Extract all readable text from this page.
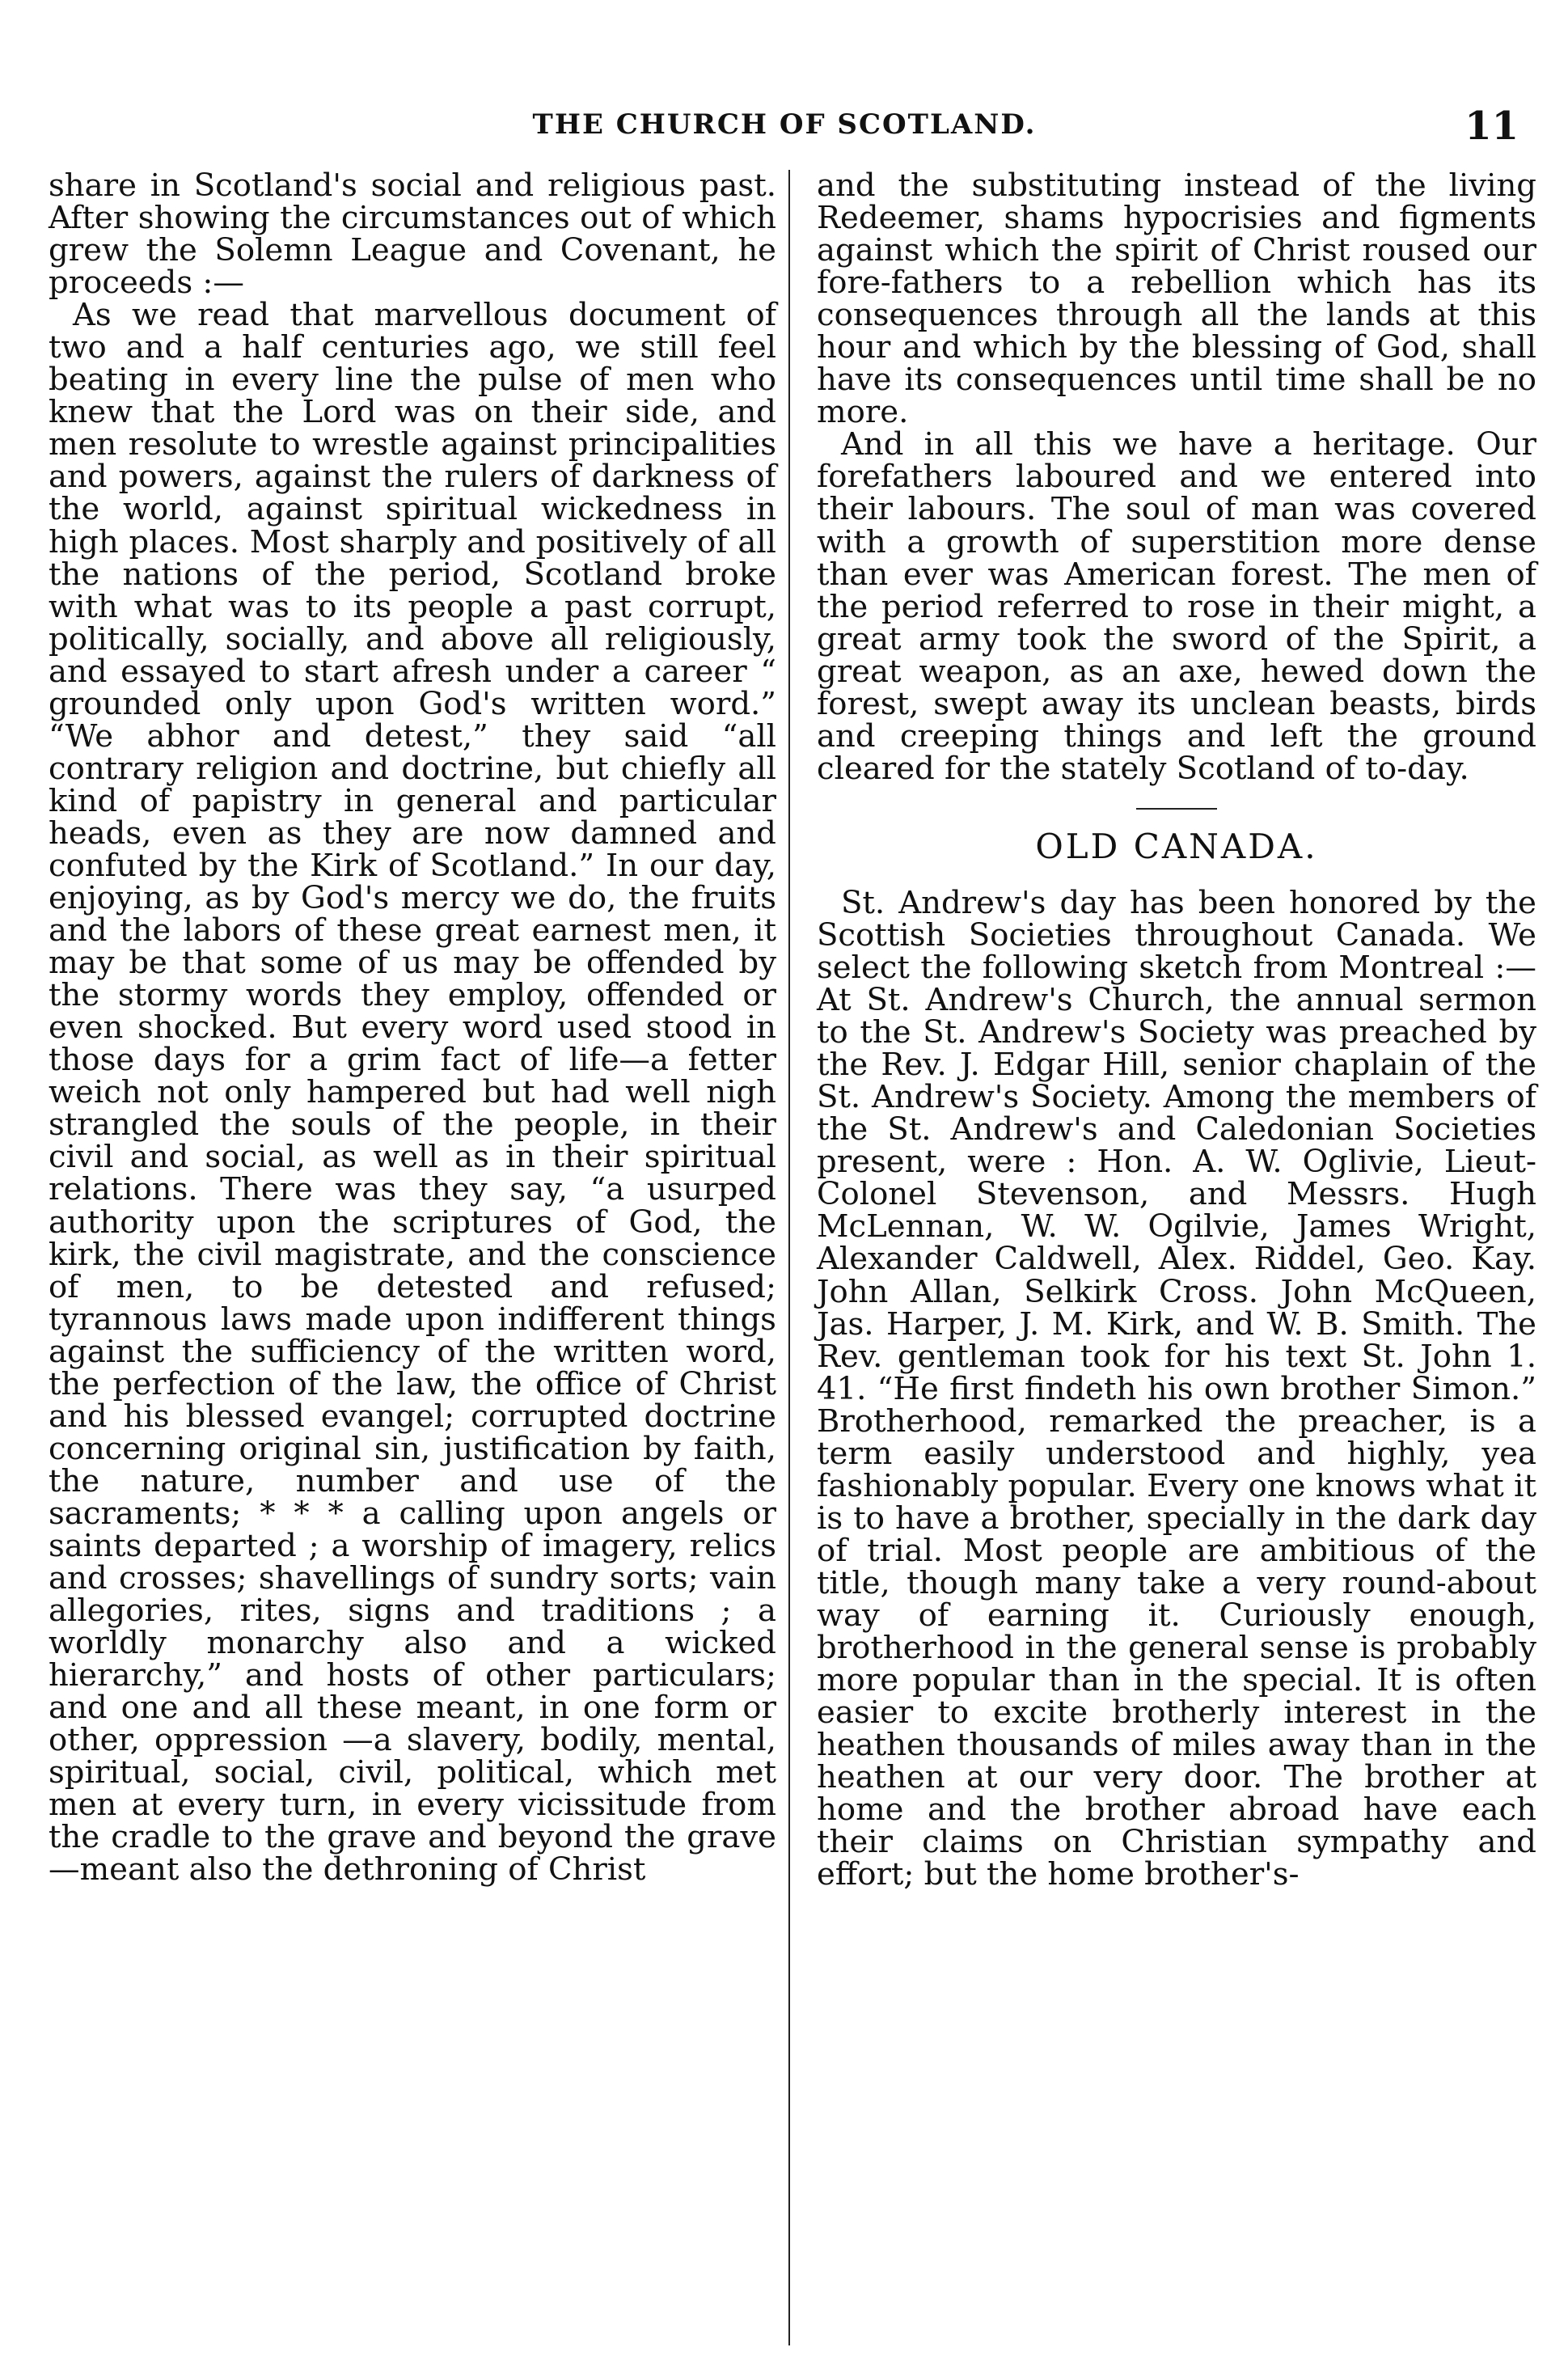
THE CHURCH OF SCOTLAND.	11

share in Scotland's social and religious past. After showing the circumstances out of which grew the Solemn League and Covenant, he proceeds :—

As we read that marvellous document of two and a half centuries ago, we still feel beating in every line the pulse of men who knew that the Lord was on their side, and men resolute to wrestle against principalities and powers, against the rulers of darkness of the world, against spiritual wickedness in high places. Most sharply and positively of all the nations of the period, Scotland broke with what was to its people a past corrupt, politically, socially, and above all religiously, and essayed to start afresh under a career “ grounded only upon God's written word.” “We abhor and detest,” they said “all contrary religion and doctrine, but chiefly all kind of papistry in general and particular heads, even as they are now damned and confuted by the Kirk of Scotland.” In our day, enjoying, as by God's mercy we do, the fruits and the labors of these great earnest men, it may be that some of us may be offended by the stormy words they employ, offended or even shocked. But every word used stood in those days for a grim fact of life—a fetter weich not only hampered but had well nigh strangled the souls of the people, in their civil and social, as well as in their spiritual relations. There was they say, “a usurped authority upon the scriptures of God, the kirk, the civil magistrate, and the conscience of men, to be detested and refused; tyrannous laws made upon indifferent things against the sufficiency of the written word, the perfection of the law, the office of Christ and his blessed evangel; corrupted doctrine concerning original sin, justification by faith, the nature, number and use of the sacraments; * * * a calling upon angels or saints departed ; a worship of imagery, relics and crosses; shavellings of sundry sorts; vain allegories, rites, signs and traditions ; a worldly monarchy also and a wicked hierarchy,” and hosts of other particulars; and one and all these meant, in one form or other, oppression —a slavery, bodily, mental, spiritual, social, civil, political, which met men at every turn, in every vicissitude from the cradle to the grave and beyond the grave —meant also the dethroning of Christ

and the substituting instead of the living Redeemer, shams hypocrisies and figments against which the spirit of Christ roused our fore-fathers to a rebellion which has its consequences through all the lands at this hour and which by the blessing of God, shall have its consequences until time shall be no more.

And in all this we have a heritage. Our forefathers laboured and we entered into their labours. The soul of man was covered with a growth of superstition more dense than ever was American forest. The men of the period referred to rose in their might, a great army took the sword of the Spirit, a great weapon, as an axe, hewed down the forest, swept away its unclean beasts, birds and creeping things and left the ground cleared for the stately Scotland of to-day.

OLD CANADA.

St. Andrew's day has been honored by the Scottish Societies throughout Canada. We select the following sketch from Montreal :—At St. Andrew's Church, the annual sermon to the St. Andrew's Society was preached by the Rev. J. Edgar Hill, senior chaplain of the St. Andrew's Society. Among the members of the St. Andrew's and Caledonian Societies present, were : Hon. A. W. Oglivie, Lieut-Colonel Stevenson, and Messrs. Hugh McLennan, W. W. Ogilvie, James Wright, Alexander Caldwell, Alex. Riddel, Geo. Kay. John Allan, Selkirk Cross. John McQueen, Jas. Harper, J. M. Kirk, and W. B. Smith. The Rev. gentleman took for his text St. John 1. 41. “He first findeth his own brother Simon.” Brotherhood, remarked the preacher, is a term easily understood and highly, yea fashionably popular. Every one knows what it is to have a brother, specially in the dark day of trial. Most people are ambitious of the title, though many take a very round-about way of earning it. Curiously enough, brotherhood in the general sense is probably more popular than in the special. It is often easier to excite brotherly interest in the heathen thousands of miles away than in the heathen at our very door. The brother at home and the brother abroad have each their claims on Christian sympathy and effort; but the home brother's-
